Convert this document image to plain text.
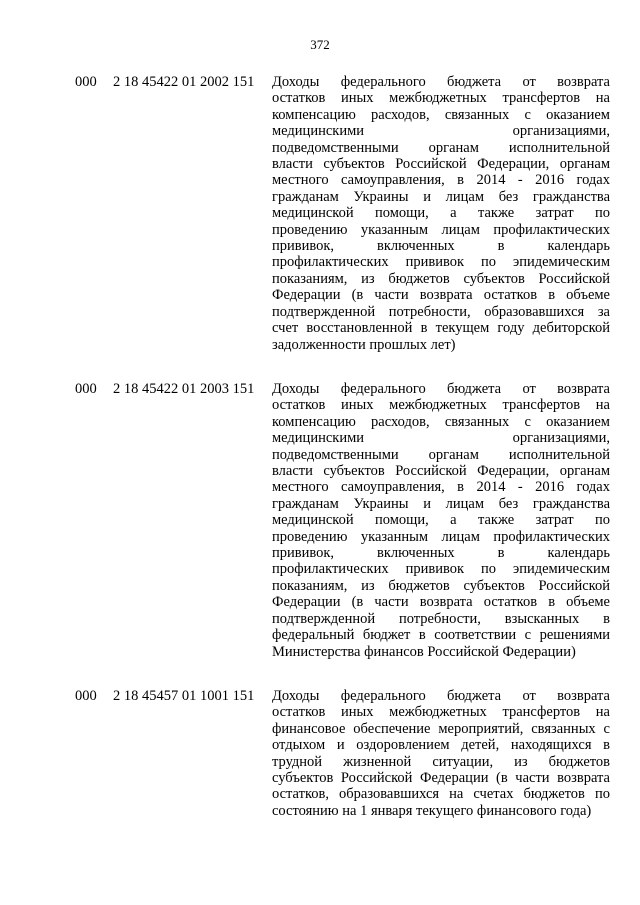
372
000 2 18 45422 01 2002 151 Доходы федерального бюджета от возврата
остатков иных межбюджетных трансфертов на
компенсацию расходов, связанных с оказанием
медицинскими организациями,
подведомственными органам исполнительной
власти субъектов Российской Федерации, органам
местного самоуправления, в 2014 - 2016 годах
гражданам Украины и лицам без гражданства
медицинской помощи, а также затрат по
проведению указанным лицам профилактических
прививок, включенных в календарь
профилактических прививок по эпидемическим
показаниям, из бюджетов субъектов Российской
Федерации (в части возврата остатков в объеме
подтвержденной потребности, образовавшихся за
счет восстановленной в текущем году дебиторской
задолженности прошлых лет)
000 2 18 45422 01 2003 151 Доходы федерального бюджета от возврата
остатков иных межбюджетных трансфертов на
компенсацию расходов, связанных с оказанием
медицинскими организациями,
подведомственными органам исполнительной
власти субъектов Российской Федерации, органам
местного самоуправления, в 2014 - 2016 годах
гражданам Украины и лицам без гражданства
медицинской помощи, а также затрат по
проведению указанным лицам профилактических
прививок, включенных в календарь
профилактических прививок по эпидемическим
показаниям, из бюджетов субъектов Российской
Федерации (в части возврата остатков в объеме
подтвержденной потребности, взысканных в
федеральный бюджет в соответствии с решениями
Министерства финансов Российской Федерации)
000 2 18 45457 01 1001 151 Доходы федерального бюджета от возврата
остатков иных межбюджетных трансфертов на
финансовое обеспечение мероприятий, связанных с
отдыхом и оздоровлением детей, находящихся в
трудной жизненной ситуации, из бюджетов
субъектов Российской Федерации (в части возврата
остатков, образовавшихся на счетах бюджетов по
состоянию на 1 января текущего финансового года)
